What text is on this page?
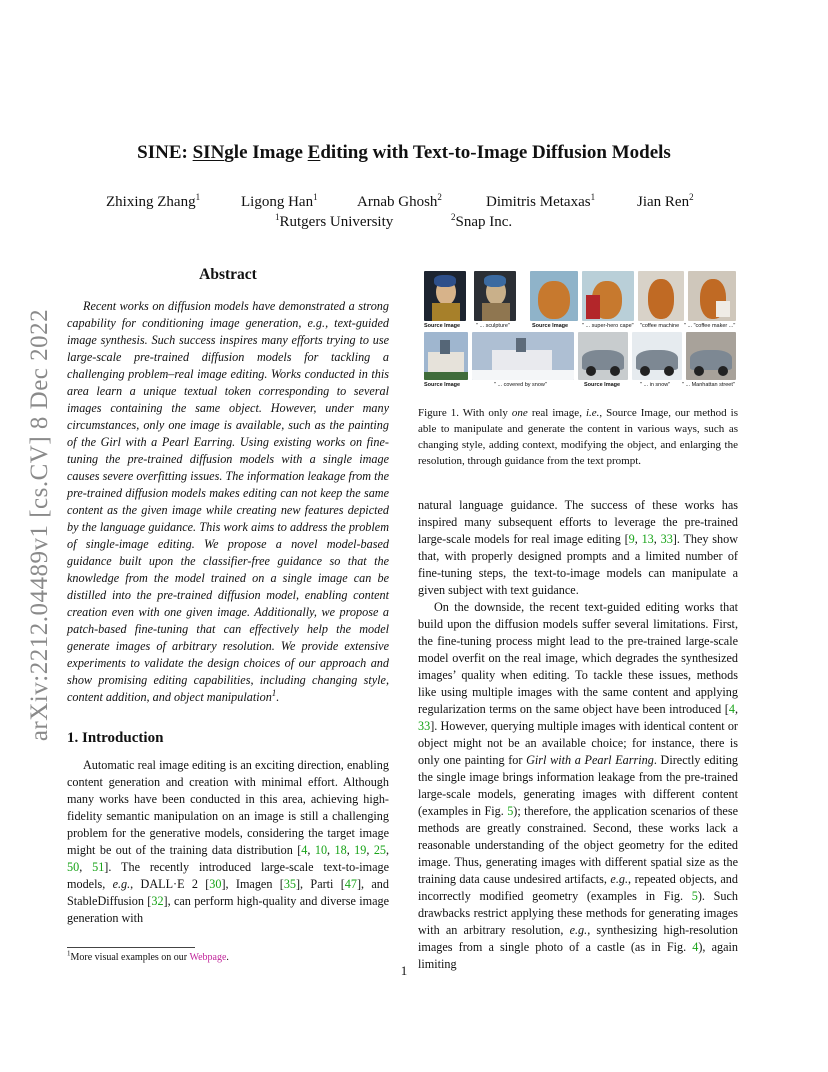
arXiv:2212.04489v1 [cs.CV] 8 Dec 2022
SINE: SINgle Image Editing with Text-to-Image Diffusion Models
Zhixing Zhang$^1$	Ligong Han$^1$	Arnab Ghosh$^2$	Dimitris Metaxas$^1$	Jian Ren$^2$
$^1$Rutgers University	$^2$Snap Inc.
Abstract

Recent works on diffusion models have demonstrated a strong capability for conditioning image generation, e.g., text-guided image synthesis. Such success inspires many efforts trying to use large-scale pre-trained diffusion models for tackling a challenging problem–real image editing. Works conducted in this area learn a unique textual token corresponding to several images containing the same object. However, under many circumstances, only one image is available, such as the painting of the Girl with a Pearl Earring. Using existing works on fine-tuning the pre-trained diffusion models with a single image causes severe overfitting issues. The information leakage from the pre-trained diffusion models makes editing can not keep the same content as the given image while creating new features depicted by the language guidance. This work aims to address the problem of single-image editing. We propose a novel model-based guidance built upon the classifier-free guidance so that the knowledge from the model trained on a single image can be distilled into the pre-trained diffusion model, enabling content creation even with one given image. Additionally, we propose a patch-based fine-tuning that can effectively help the model generate images of arbitrary resolution. We provide extensive experiments to validate the design choices of our approach and show promising editing capabilities, including changing style, content addition, and object manipulation$^1$.

1. Introduction

Automatic real image editing is an exciting direction, enabling content generation and creation with minimal effort. Although many works have been conducted in this area, achieving high-fidelity semantic manipulation on an image is still a challenging problem for the generative models, considering the target image might be out of the training data distribution [4, 10, 18, 19, 25, 50, 51]. The recently introduced large-scale text-to-image models, e.g., DALL·E 2 [30], Imagen [35], Parti [47], and StableDiffusion [32], can perform high-quality and diverse image generation with

$^1$More visual examples on our Webpage.
Source Image	" ... sculpture"	Source Image	" ... super-hero cape" "coffee machine " ... "coffee maker ..."
Source Image	" ... covered by snow"	Source Image	" ... in snow" " ... Manhattan street"
Figure 1. With only one real image, i.e., Source Image, our method is able to manipulate and generate the content in various ways, such as changing style, adding context, modifying the object, and enlarging the resolution, through guidance from the text prompt.

natural language guidance. The success of these works has inspired many subsequent efforts to leverage the pre-trained large-scale models for real image editing [9, 13, 33]. They show that, with properly designed prompts and a limited number of fine-tuning steps, the text-to-image models can manipulate a given subject with text guidance.

On the downside, the recent text-guided editing works that build upon the diffusion models suffer several limitations. First, the fine-tuning process might lead to the pre-trained large-scale model overfit on the real image, which degrades the synthesized images’ quality when editing. To tackle these issues, methods like using multiple images with the same content and applying regularization terms on the same object have been introduced [4, 33]. However, querying multiple images with identical content or object might not be an available choice; for instance, there is only one painting for Girl with a Pearl Earring. Directly editing the single image brings information leakage from the pre-trained large-scale models, generating images with different content (examples in Fig. 5); therefore, the application scenarios of these methods are greatly constrained. Second, these works lack a reasonable understanding of the object geometry for the edited image. Thus, generating images with different spatial size as the training data cause undesired artifacts, e.g., repeated objects, and incorrectly modified geometry (examples in Fig. 5). Such drawbacks restrict applying these methods for generating images with an arbitrary resolution, e.g., synthesizing high-resolution images from a single photo of a castle (as in Fig. 4), again limiting

1
